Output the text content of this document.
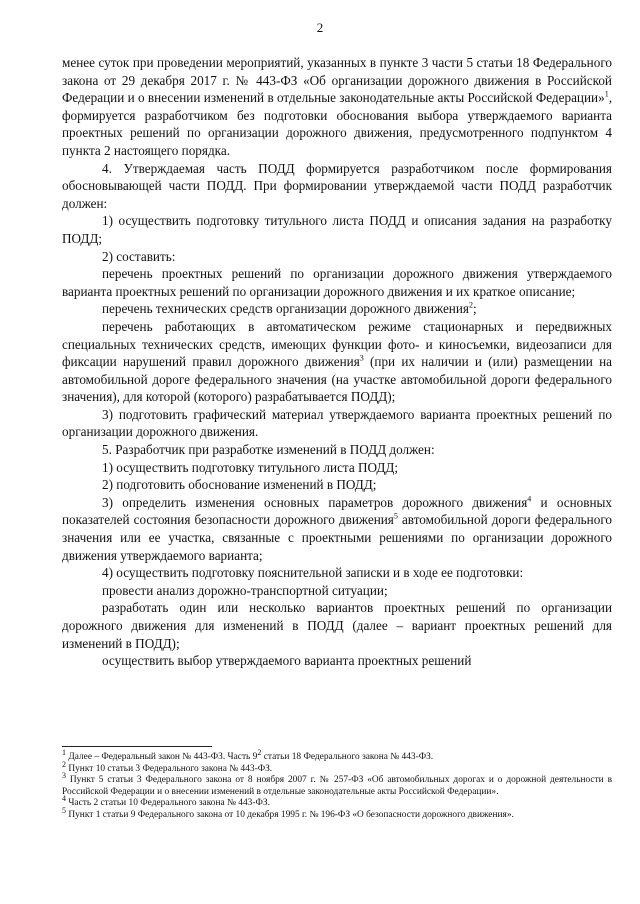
2

менее суток при проведении мероприятий, указанных в пункте 3 части 5 статьи 18 Федерального закона от 29 декабря 2017 г. № 443-ФЗ «Об организации дорожного движения в Российской Федерации и о внесении изменений в отдельные законодательные акты Российской Федерации»$^1$, формируется разработчиком без подготовки обоснования выбора утверждаемого варианта проектных решений по организации дорожного движения, предусмотренного подпунктом 4 пункта 2 настоящего порядка.

4. Утверждаемая часть ПОДД формируется разработчиком после формирования обосновывающей части ПОДД. При формировании утверждаемой части ПОДД разработчик должен:

1) осуществить подготовку титульного листа ПОДД и описания задания на разработку ПОДД;

2) составить:

перечень проектных решений по организации дорожного движения утверждаемого варианта проектных решений по организации дорожного движения и их краткое описание;

перечень технических средств организации дорожного движения$^2$;

перечень работающих в автоматическом режиме стационарных и передвижных специальных технических средств, имеющих функции фото- и киносъемки, видеозаписи для фиксации нарушений правил дорожного движения$^3$ (при их наличии и (или) размещении на автомобильной дороге федерального значения (на участке автомобильной дороги федерального значения), для которой (которого) разрабатывается ПОДД);

3) подготовить графический материал утверждаемого варианта проектных решений по организации дорожного движения.

5. Разработчик при разработке изменений в ПОДД должен:

1) осуществить подготовку титульного листа ПОДД;

2) подготовить обоснование изменений в ПОДД;

3) определить изменения основных параметров дорожного движения$^4$ и основных показателей состояния безопасности дорожного движения$^5$ автомобильной дороги федерального значения или ее участка, связанные с проектными решениями по организации дорожного движения утверждаемого варианта;

4) осуществить подготовку пояснительной записки и в ходе ее подготовки:

провести анализ дорожно-транспортной ситуации;

разработать один или несколько вариантов проектных решений по организации дорожного движения для изменений в ПОДД (далее – вариант проектных решений для изменений в ПОДД);

осуществить выбор утверждаемого варианта проектных решений

$^1$ Далее – Федеральный закон № 443-ФЗ. Часть $9^2$ статьи 18 Федерального закона № 443-ФЗ.

$^2$ Пункт 10 статьи 3 Федерального закона № 443-ФЗ.

$^3$ Пункт 5 статьи 3 Федерального закона от 8 ноября 2007 г. № 257-ФЗ «Об автомобильных дорогах и о дорожной деятельности в Российской Федерации и о внесении изменений в отдельные законодательные акты Российской Федерации».

$^4$ Часть 2 статьи 10 Федерального закона № 443-ФЗ.

$^5$ Пункт 1 статьи 9 Федерального закона от 10 декабря 1995 г. № 196-ФЗ «О безопасности дорожного движения».
